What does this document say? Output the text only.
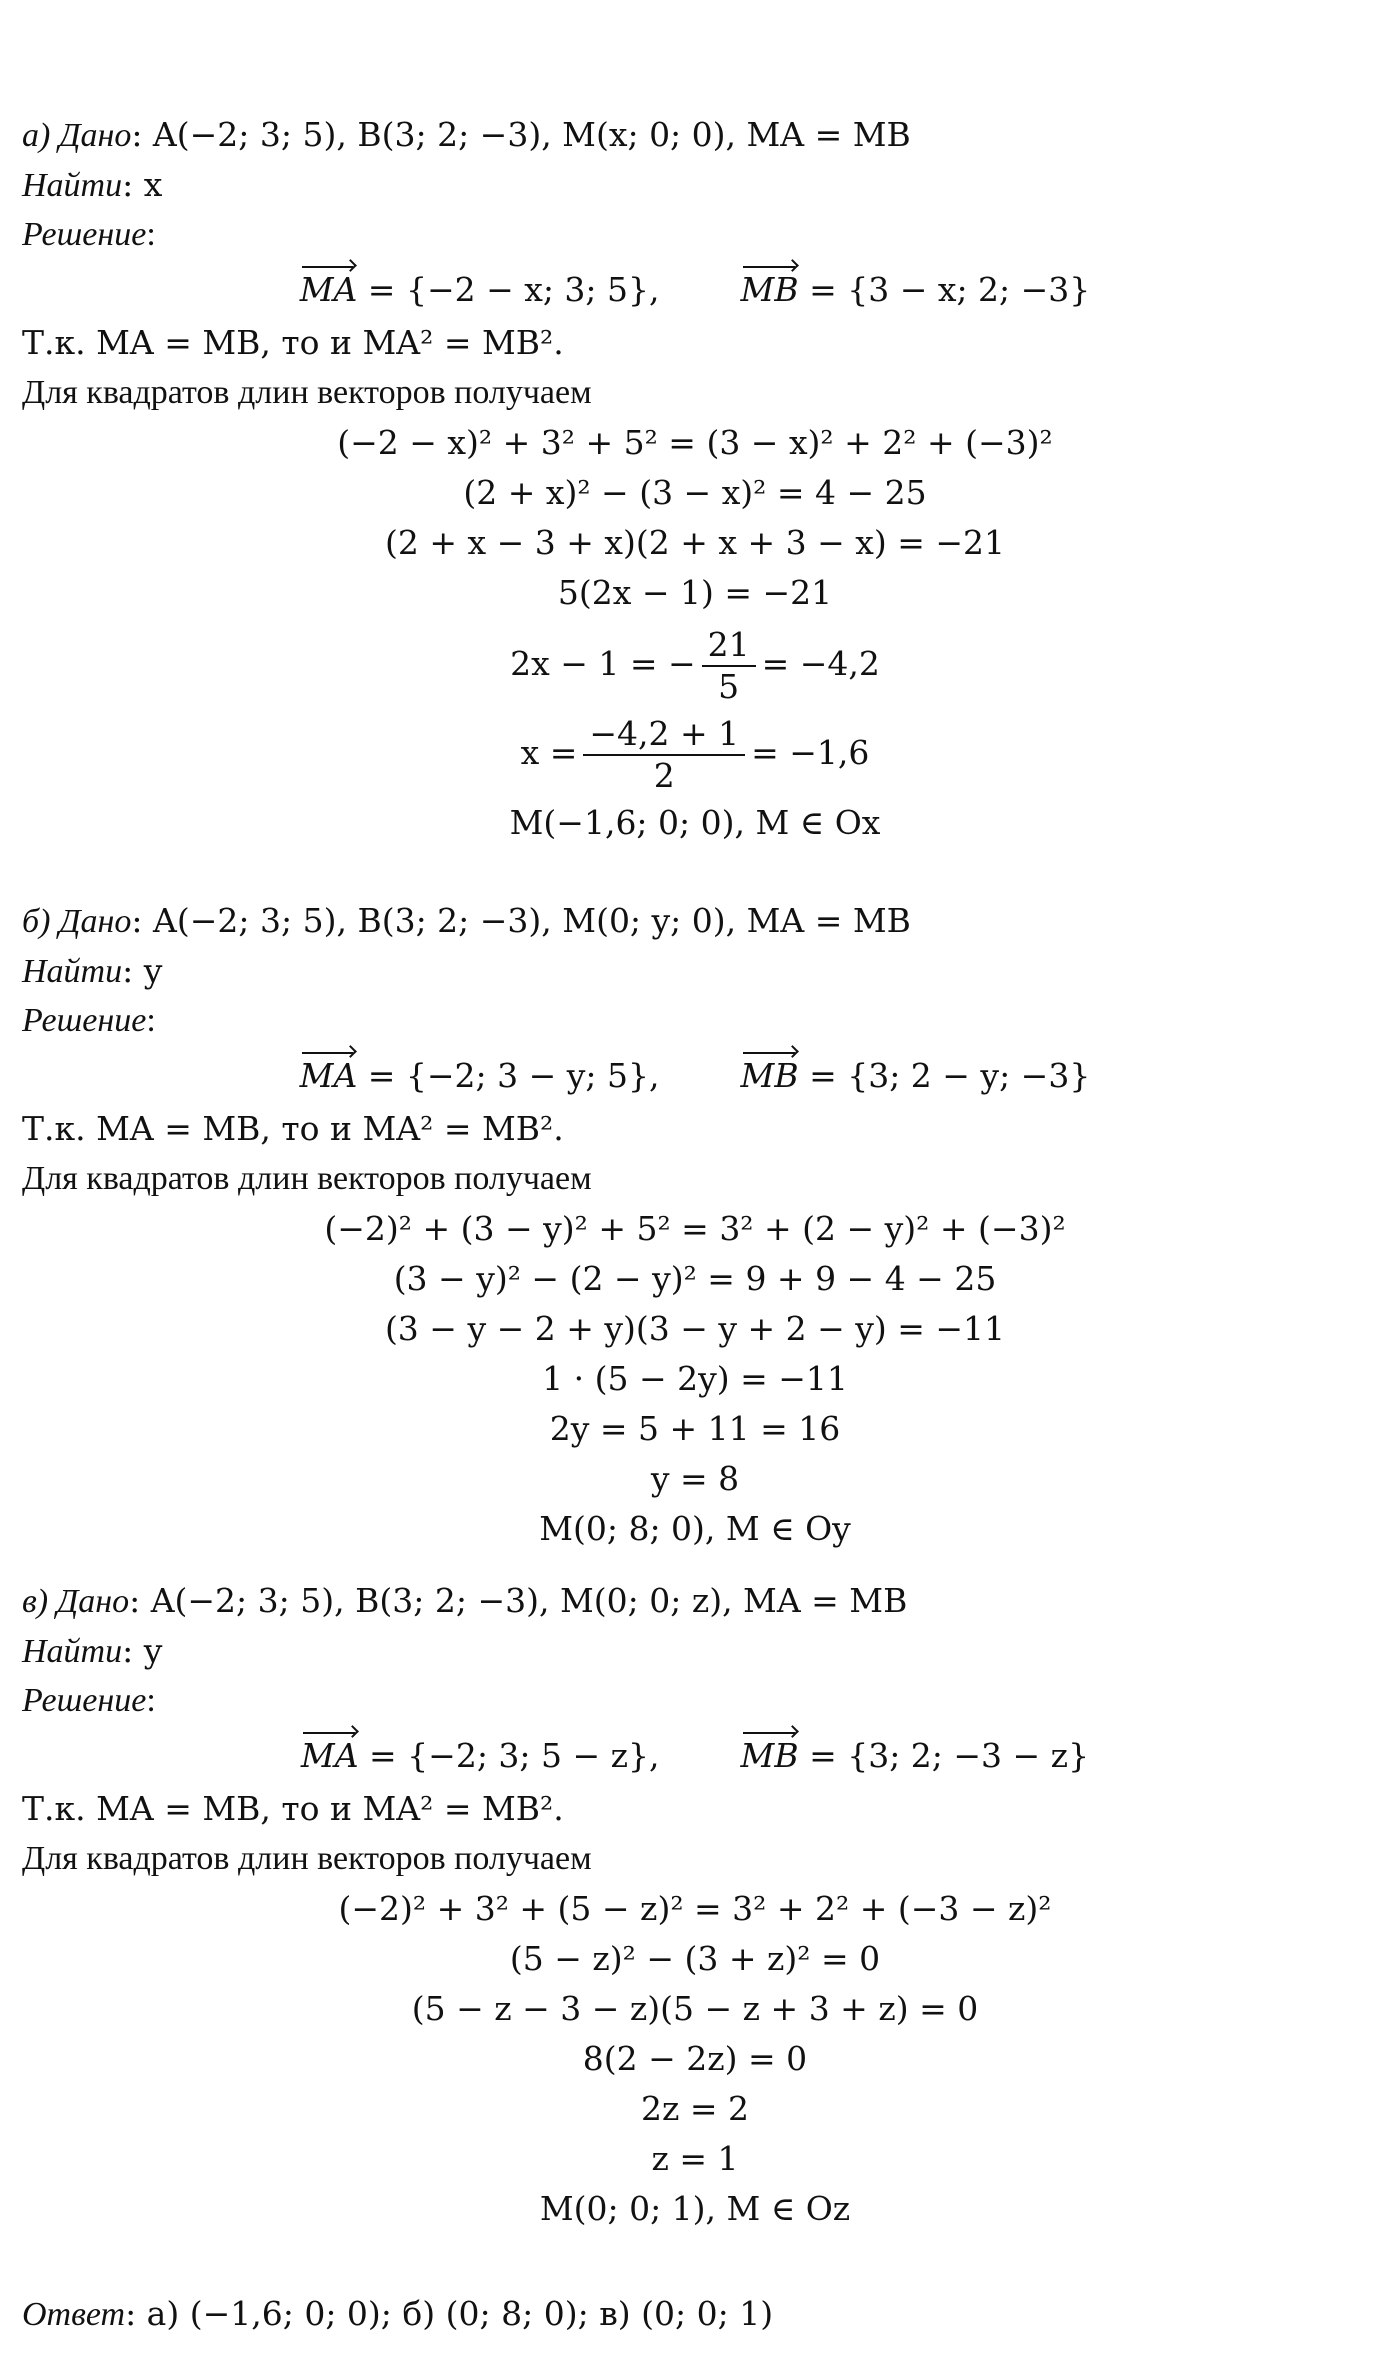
а) Дано: A(−2; 3; 5), B(3; 2; −3), M(x; 0; 0), MA = MB
Найти: x
Решение:
MA = {−2 − x; 3; 5}, MB = {3 − x; 2; −3}
Т.к. MA = MB, то и MA² = MB².
Для квадратов длин векторов получаем
(−2 − x)² + 3² + 5² = (3 − x)² + 2² + (−3)²
(2 + x)² − (3 − x)² = 4 − 25
(2 + x − 3 + x)(2 + x + 3 − x) = −21
5(2x − 1) = −21
2x − 1 = − $\frac{21}{5} = -4,2$
$x = \frac{-4,2 + 1}{2} = -1,6$
M(−1,6; 0; 0), M ∈ Ox
б) Дано: A(−2; 3; 5), B(3; 2; −3), M(0; y; 0), MA = MB
Найти: y
Решение:
MA = {−2; 3 − y; 5}, MB = {3; 2 − y; −3}
Т.к. MA = MB, то и MA² = MB².
Для квадратов длин векторов получаем
(−2)² + (3 − y)² + 5² = 3² + (2 − y)² + (−3)²
(3 − y)² − (2 − y)² = 9 + 9 − 4 − 25
(3 − y − 2 + y)(3 − y + 2 − y) = −11
1 · (5 − 2y) = −11
2y = 5 + 11 = 16
y = 8
M(0; 8; 0), M ∈ Oy
в) Дано: A(−2; 3; 5), B(3; 2; −3), M(0; 0; z), MA = MB
Найти: y
Решение:
MA = {−2; 3; 5 − z}, MB = {3; 2; −3 − z}
Т.к. MA = MB, то и MA² = MB².
Для квадратов длин векторов получаем
(−2)² + 3² + (5 − z)² = 3² + 2² + (−3 − z)²
(5 − z)² − (3 + z)² = 0
(5 − z − 3 − z)(5 − z + 3 + z) = 0
8(2 − 2z) = 0
2z = 2
z = 1
M(0; 0; 1), M ∈ Oz
Ответ: а) (−1,6; 0; 0); б) (0; 8; 0); в) (0; 0; 1)
